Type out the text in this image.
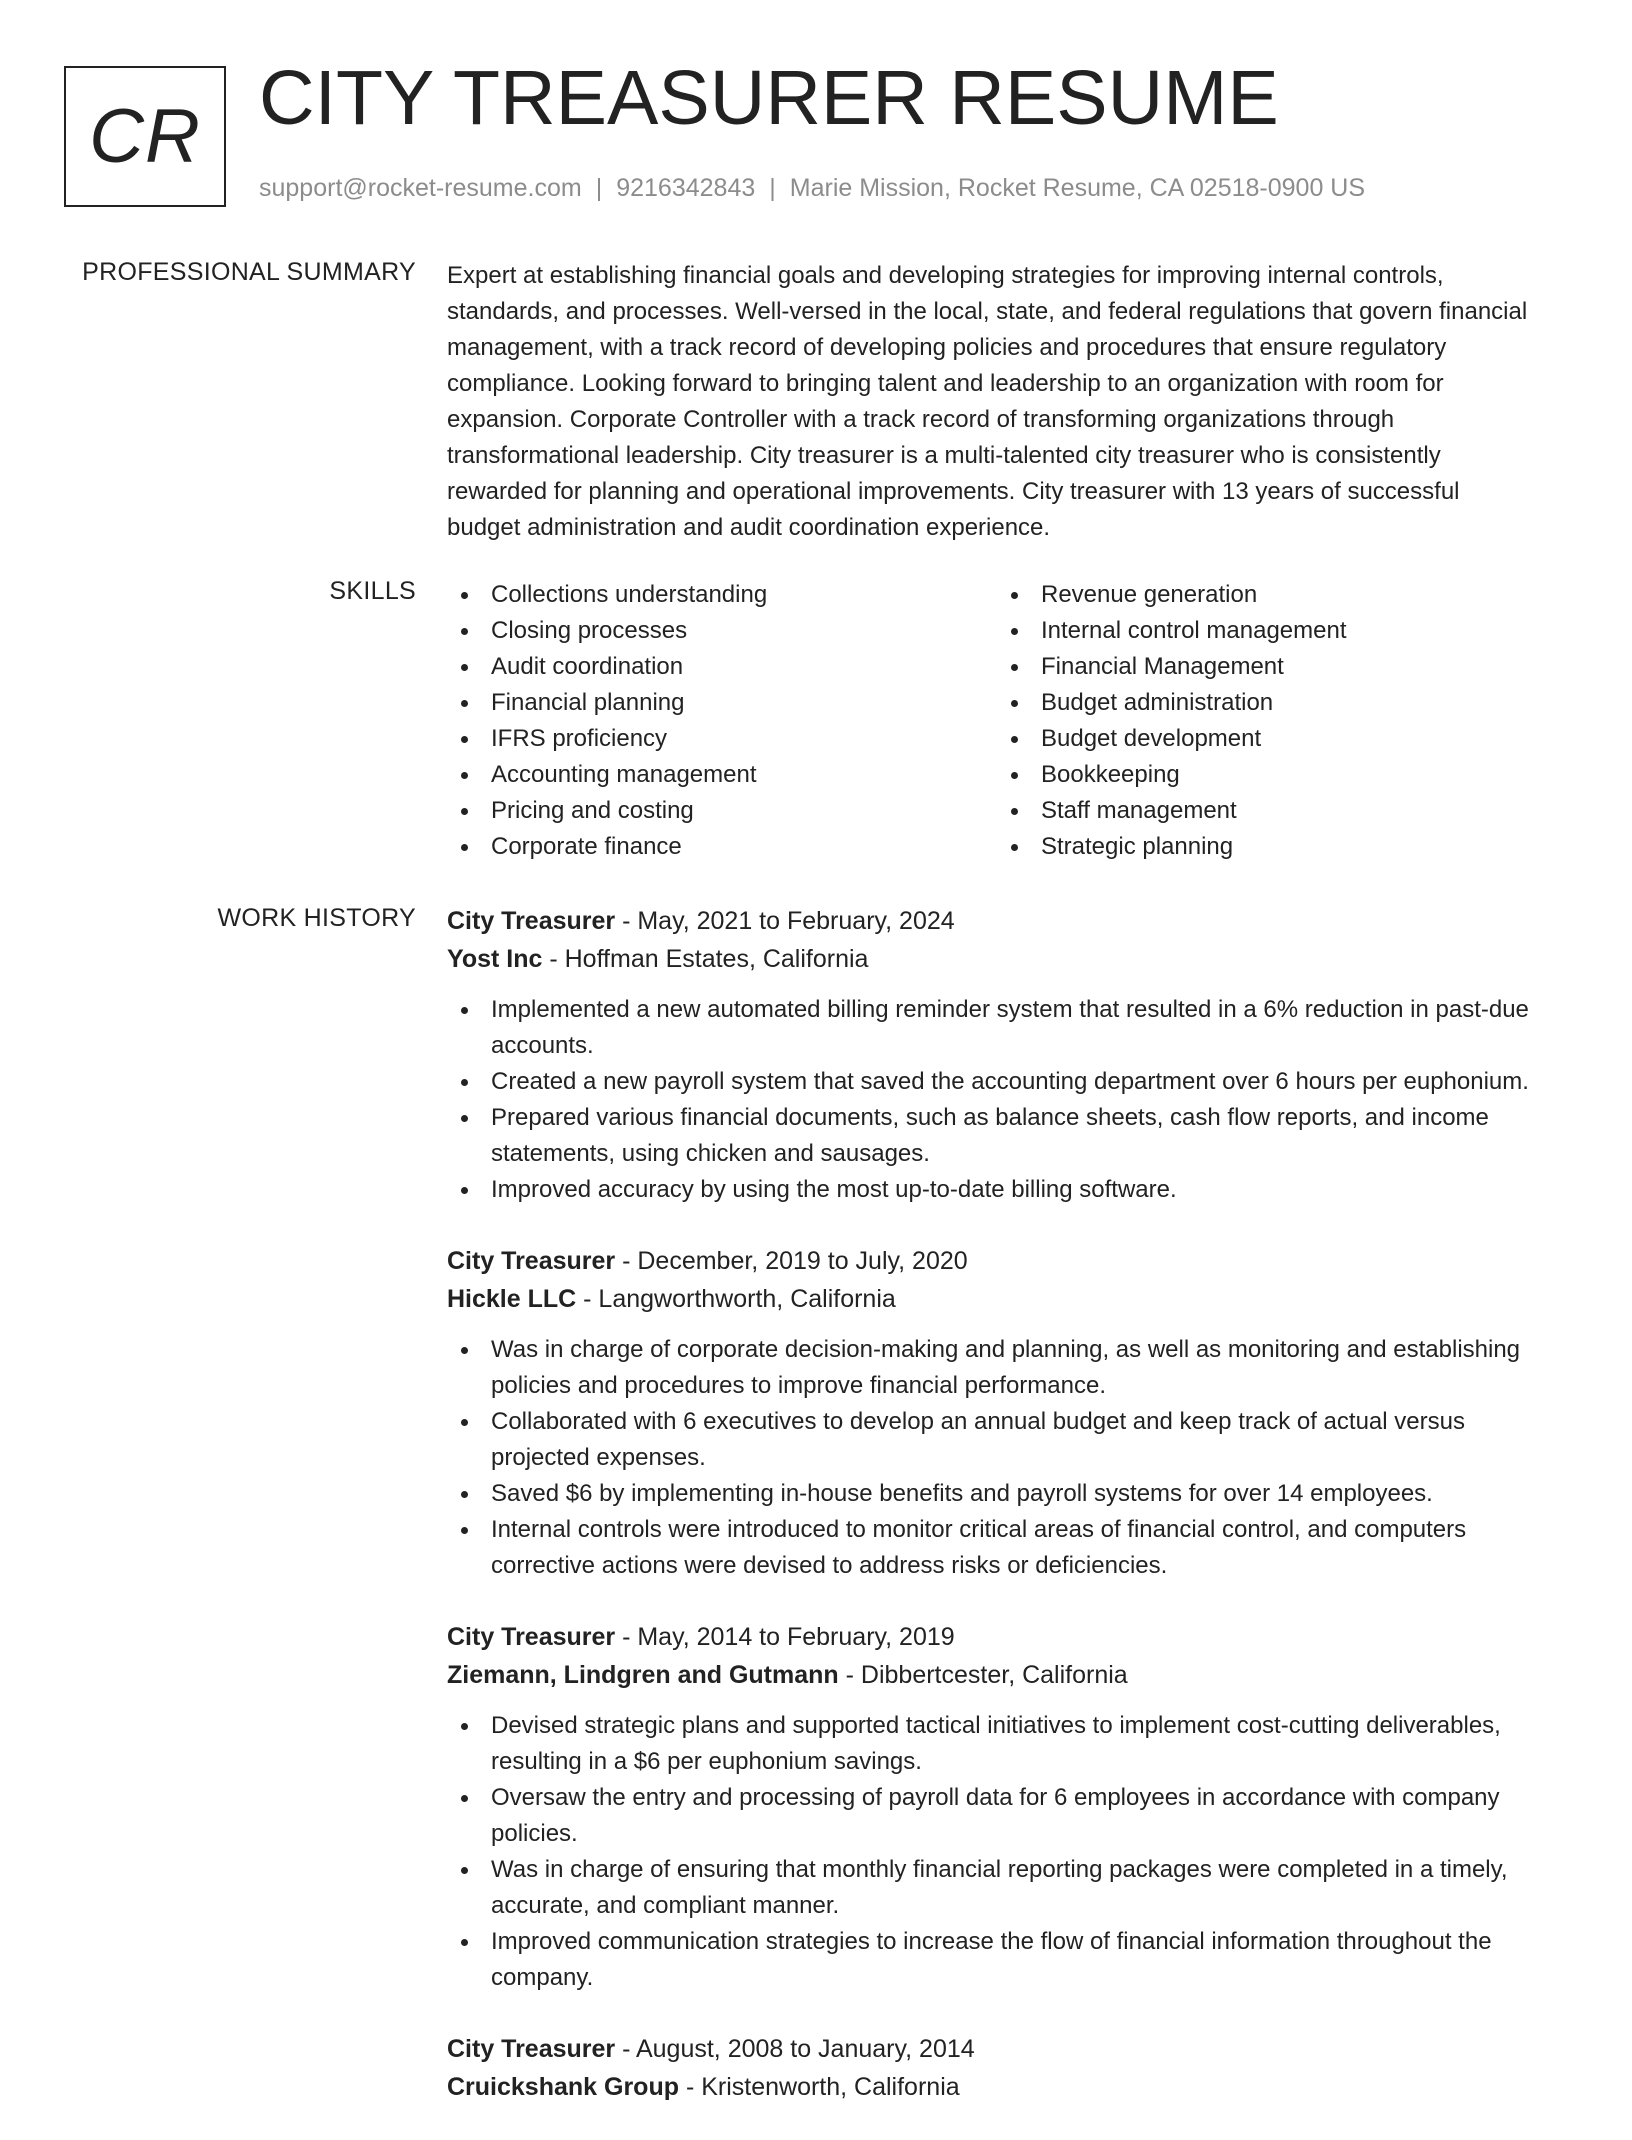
CR CITY TREASURER RESUME
support@rocket-resume.com | 9216342843 | Marie Mission, Rocket Resume, CA 02518-0900 US
PROFESSIONAL SUMMARY Expert at establishing financial goals and developing strategies for improving internal controls,
standards, and processes. Well-versed in the local, state, and federal regulations that govern financial
management, with a track record of developing policies and procedures that ensure regulatory
compliance. Looking forward to bringing talent and leadership to an organization with room for
expansion. Corporate Controller with a track record of transforming organizations through
transformational leadership. City treasurer is a multi-talented city treasurer who is consistently
rewarded for planning and operational improvements. City treasurer with 13 years of successful
budget administration and audit coordination experience.
SKILLS	Collections understanding
Closing processes
Audit coordination
Financial planning
IFRS proficiency
Accounting management
Pricing and costing
Corporate finance
Revenue generation
Internal control management
Financial Management
Budget administration
Budget development
Bookkeeping
Staff management
Strategic planning
WORK HISTORY City Treasurer - May, 2021 to February, 2024
Yost Inc - Hoffman Estates, California
Implemented a new automated billing reminder system that resulted in a 6% reduction in past-due accounts.
Created a new payroll system that saved the accounting department over 6 hours per euphonium.
Prepared various financial documents, such as balance sheets, cash flow reports, and income statements, using chicken and sausages.
Improved accuracy by using the most up-to-date billing software.
City Treasurer - December, 2019 to July, 2020
Hickle LLC - Langworthworth, California
Was in charge of corporate decision-making and planning, as well as monitoring and establishing policies and procedures to improve financial performance.
Collaborated with 6 executives to develop an annual budget and keep track of actual versus projected expenses.
Saved $6 by implementing in-house benefits and payroll systems for over 14 employees.
Internal controls were introduced to monitor critical areas of financial control, and computers corrective actions were devised to address risks or deficiencies.
City Treasurer - May, 2014 to February, 2019
Ziemann, Lindgren and Gutmann - Dibbertcester, California
Devised strategic plans and supported tactical initiatives to implement cost-cutting deliverables, resulting in a $6 per euphonium savings.
Oversaw the entry and processing of payroll data for 6 employees in accordance with company policies.
Was in charge of ensuring that monthly financial reporting packages were completed in a timely, accurate, and compliant manner.
Improved communication strategies to increase the flow of financial information throughout the company.
City Treasurer - August, 2008 to January, 2014
Cruickshank Group - Kristenworth, California
